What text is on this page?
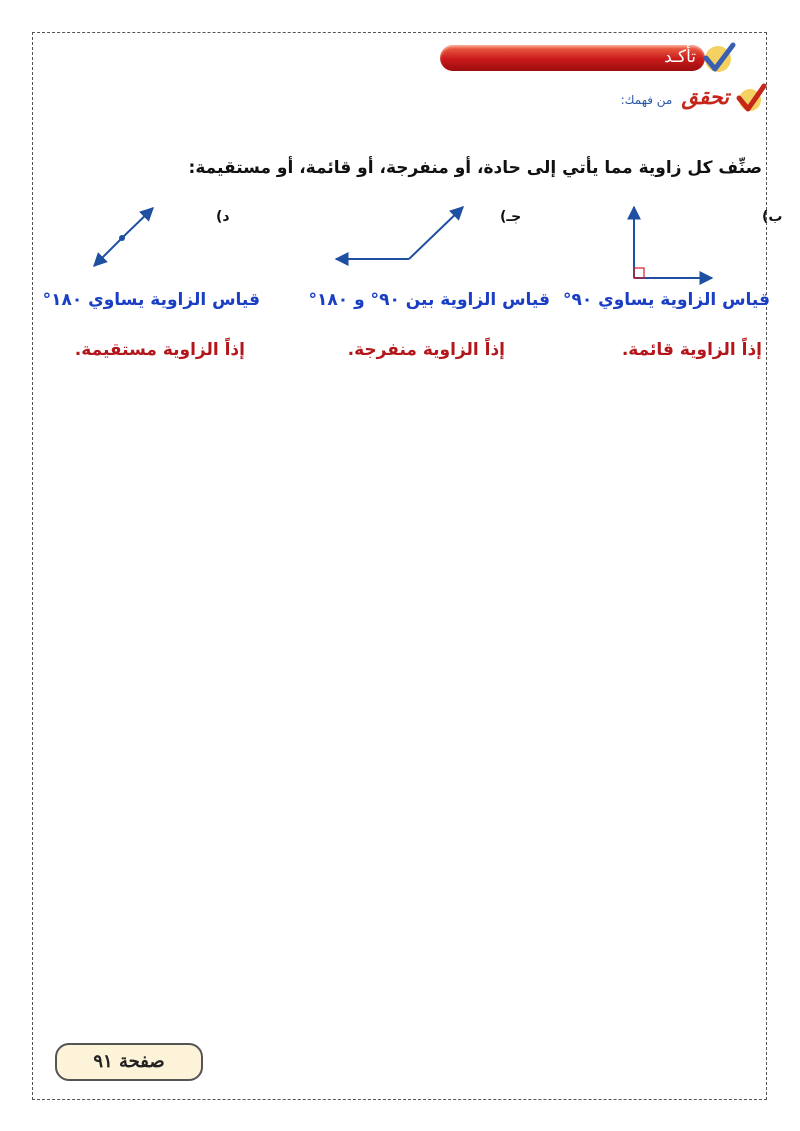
تأكـد
تحقق من فهمك:
صنِّف كل زاوية مما يأتي إلى حادة، أو منفرجة، أو قائمة، أو مستقيمة:
ب)
جـ)
د)
قياس الزاوية يساوي ٩٠°
إذاً الزاوية قائمة.
قياس الزاوية بين ٩٠° و ١٨٠°
إذاً الزاوية منفرجة.
قياس الزاوية يساوي ١٨٠°
إذاً الزاوية مستقيمة.
صفحة ٩١
